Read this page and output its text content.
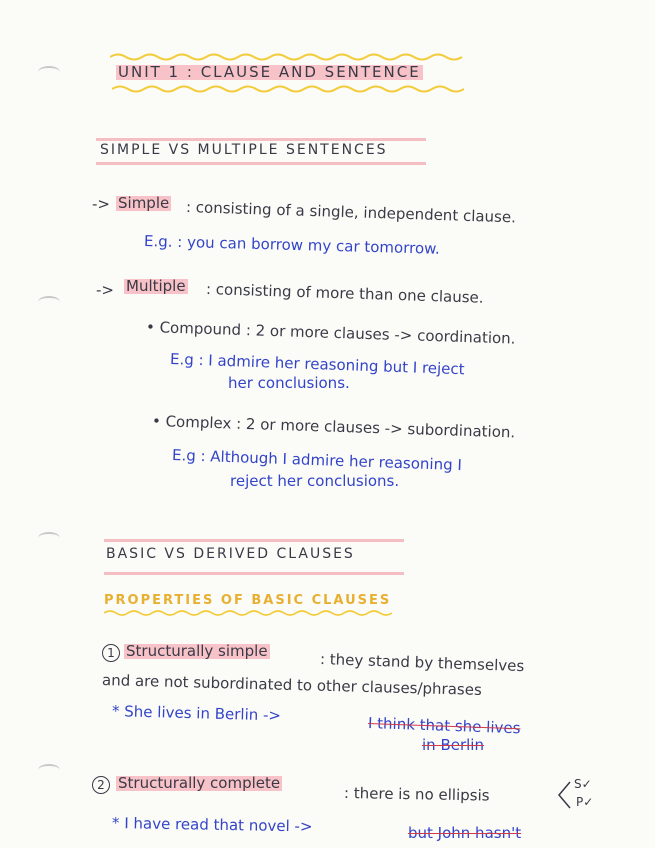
UNIT 1 : CLAUSE AND SENTENCE
SIMPLE VS MULTIPLE SENTENCES
-> Simple : consisting of a single, independent clause.
E.g. : you can borrow my car tomorrow.
-> Multiple : consisting of more than one clause.
• Compound : 2 or more clauses -> coordination.
E.g : I admire her reasoning but I reject
her conclusions.
• Complex : 2 or more clauses -> subordination.
E.g : Although I admire her reasoning I
reject her conclusions.
BASIC VS DERIVED CLAUSES
PROPERTIES OF BASIC CLAUSES
1 Structurally simple	: they stand by themselves
and are not subordinated to other clauses/phrases
* She lives in Berlin ->
I think that she lives
in Berlin
2 Structurally complete
: there is no ellipsis
S✓
P✓
* I have read that novel ->	but John hasn't
